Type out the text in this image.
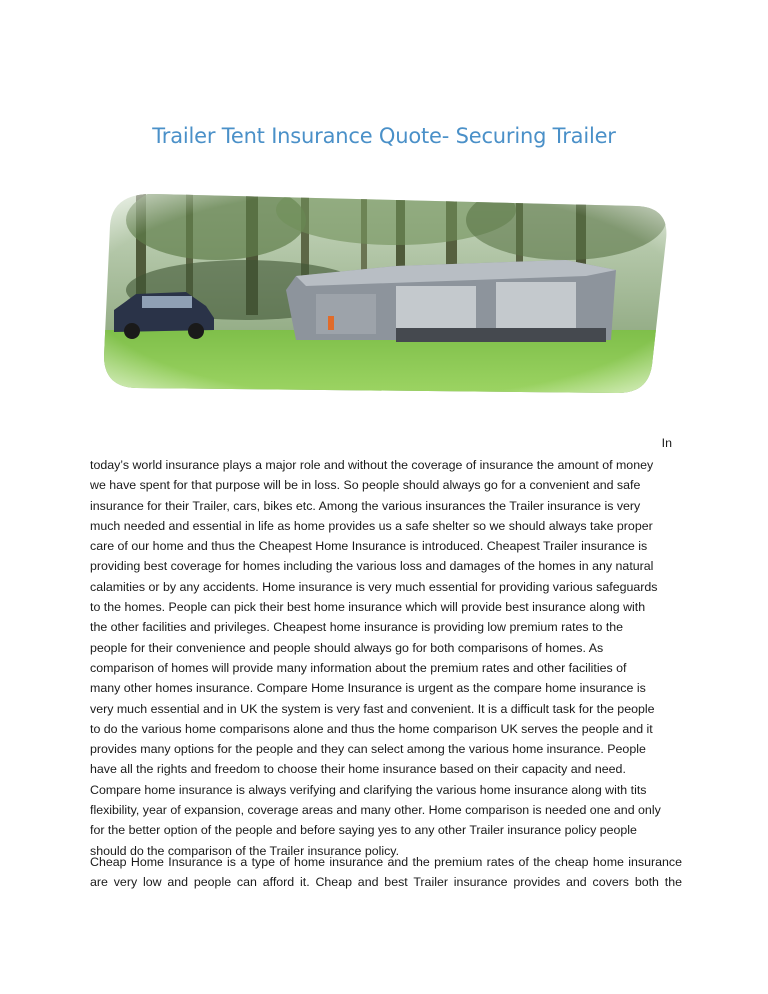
Trailer Tent Insurance Quote- Securing Trailer
In
today’s world insurance plays a major role and without the coverage of insurance the amount of money
we have spent for that purpose will be in loss. So people should always go for a convenient and safe
insurance for their Trailer, cars, bikes etc. Among the various insurances the Trailer insurance is very
much needed and essential in life as home provides us a safe shelter so we should always take proper
care of our home and thus the Cheapest Home Insurance is introduced. Cheapest Trailer insurance is
providing best coverage for homes including the various loss and damages of the homes in any natural
calamities or by any accidents. Home insurance is very much essential for providing various safeguards
to the homes. People can pick their best home insurance which will provide best insurance along with
the other facilities and privileges. Cheapest home insurance is providing low premium rates to the
people for their convenience and people should always go for both comparisons of homes. As
comparison of homes will provide many information about the premium rates and other facilities of
many other homes insurance. Compare Home Insurance is urgent as the compare home insurance is
very much essential and in UK the system is very fast and convenient. It is a difficult task for the people
to do the various home comparisons alone and thus the home comparison UK serves the people and it
provides many options for the people and they can select among the various home insurance. People
have all the rights and freedom to choose their home insurance based on their capacity and need.
Compare home insurance is always verifying and clarifying the various home insurance along with tits
flexibility, year of expansion, coverage areas and many other. Home comparison is needed one and only
for the better option of the people and before saying yes to any other Trailer insurance policy people
should do the comparison of the Trailer insurance policy.
Cheap Home Insurance is a type of home insurance and the premium rates of the cheap home insurance
are very low and people can afford it. Cheap and best Trailer insurance provides and covers both the
